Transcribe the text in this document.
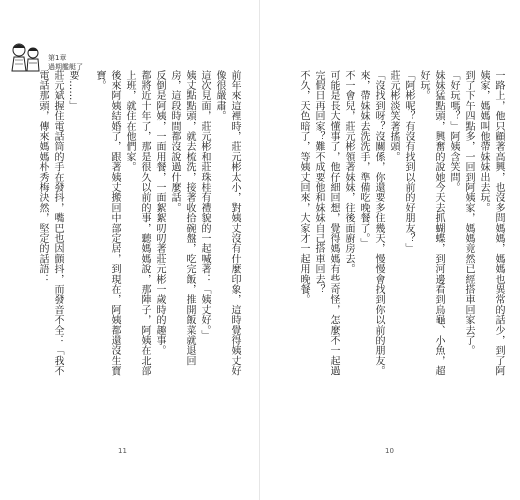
第1章
過期艦艇了
前年來這裡時，莊元彬太小，對姨丈沒有什麼印象，這時覺得姨丈好
像很嚴肅。
這次見面，莊元彬和莊珠桂有禮貌的一起喊著：「姨丈好。」
姨丈點點頭，就去梳洗，接著收拾碗盤，吃完飯，推開飯菜就退回
房，這段時間都沒說過什麼話。
反倒是阿姨，一面用餐，一面絮絮叨叨著莊元彬一歲時的趣事。
都將近十年了，那是很久以前的事，聽媽媽說，那陣子，阿姨在北部
上班，就住在他們家。
後來阿姨結婚了，跟著姨丈搬回中部定居，到現在，阿姨都還沒生寶
寶。
要……」
莊元斌握住電話筒的手在發抖，嘴巴也因顫抖，而發音不全：「我不
電話那頭，傳來媽媽朴秀梅決然，堅定的話語：
11
一路上，他只顧著高興，也沒多問媽媽，媽媽也異常的話少，到了阿
姨家，媽媽叫他帶妹妹出去玩。
到了下午四點多，一回到阿姨家，媽媽竟然已經搭車回家去了。
「好玩嗎？」阿姨含笑問。
妹妹猛點頭，興奮的說她今天去抓蝴蝶，到河邊看到烏龜、小魚，超
好玩。
「阿彬呢？有沒有找到以前的好朋友？」
莊元彬淡笑著搖頭。
「沒找到呀？沒關係，你還要多住幾天，慢慢會找到你以前的朋友。
來，帶妹妹去洗洗手，準備吃晚餐了。」
不一會兒，莊元彬領著妹妹，往後面廚房去。
可能是長大懂事了，他仔細回想，覺得媽媽有些奇怪，怎麼不一起過
完假日再回家？難不成要他和妹妹自己搭車回去？
不久，天色暗了，等姨丈回來，大家才一起用晚餐。
10
